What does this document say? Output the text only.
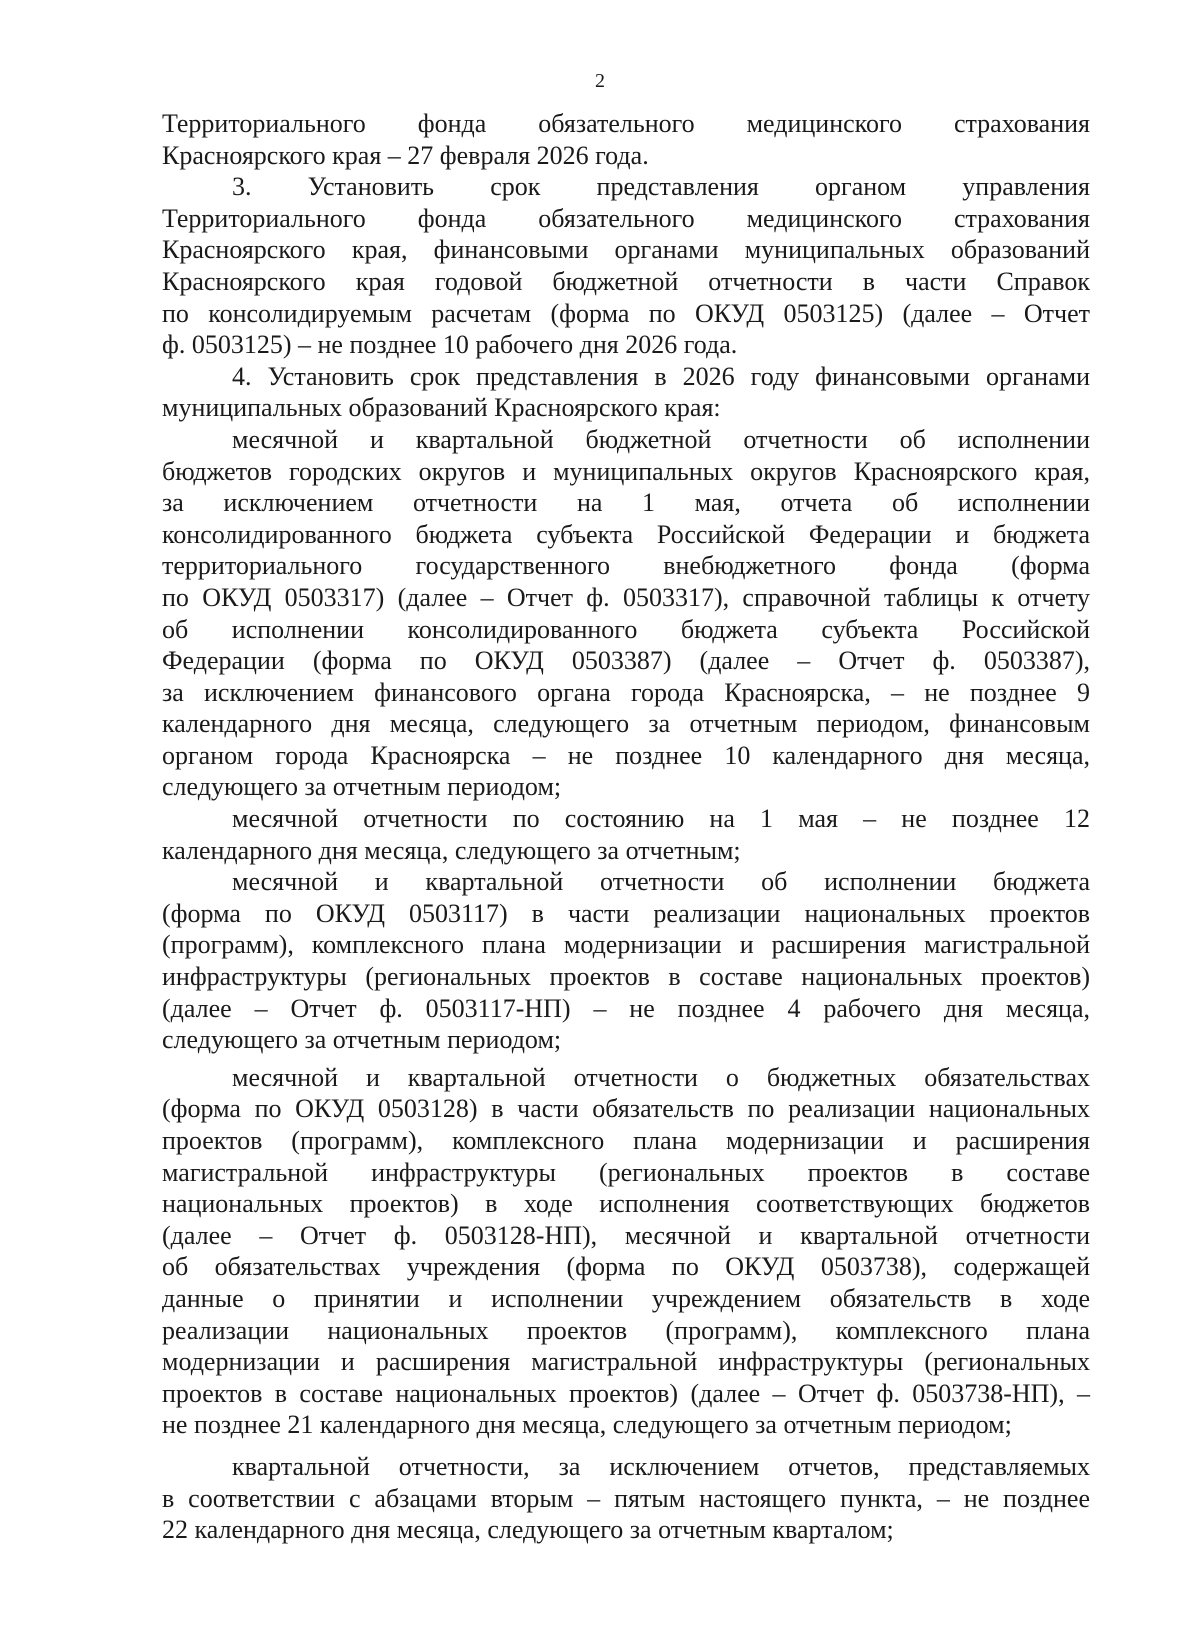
2
Территориального фонда обязательного медицинского страхования
Красноярского края – 27 февраля 2026 года.
3. Установить срок представления органом управления
Территориального фонда обязательного медицинского страхования
Красноярского края, финансовыми органами муниципальных образований
Красноярского края годовой бюджетной отчетности в части Справок
по консолидируемым расчетам (форма по ОКУД 0503125) (далее – Отчет
ф. 0503125) – не позднее 10 рабочего дня 2026 года.
4. Установить срок представления в 2026 году финансовыми органами
муниципальных образований Красноярского края:
месячной и квартальной бюджетной отчетности об исполнении
бюджетов городских округов и муниципальных округов Красноярского края,
за исключением отчетности на 1 мая, отчета об исполнении
консолидированного бюджета субъекта Российской Федерации и бюджета
территориального государственного внебюджетного фонда (форма
по ОКУД 0503317) (далее – Отчет ф. 0503317), справочной таблицы к отчету
об исполнении консолидированного бюджета субъекта Российской
Федерации (форма по ОКУД 0503387) (далее – Отчет ф. 0503387),
за исключением финансового органа города Красноярска, – не позднее 9
календарного дня месяца, следующего за отчетным периодом, финансовым
органом города Красноярска – не позднее 10 календарного дня месяца,
следующего за отчетным периодом;
месячной отчетности по состоянию на 1 мая – не позднее 12
календарного дня месяца, следующего за отчетным;
месячной и квартальной отчетности об исполнении бюджета
(форма по ОКУД 0503117) в части реализации национальных проектов
(программ), комплексного плана модернизации и расширения магистральной
инфраструктуры (региональных проектов в составе национальных проектов)
(далее – Отчет ф. 0503117-НП) – не позднее 4 рабочего дня месяца,
следующего за отчетным периодом;
месячной и квартальной отчетности о бюджетных обязательствах
(форма по ОКУД 0503128) в части обязательств по реализации национальных
проектов (программ), комплексного плана модернизации и расширения
магистральной инфраструктуры (региональных проектов в составе
национальных проектов) в ходе исполнения соответствующих бюджетов
(далее – Отчет ф. 0503128-НП), месячной и квартальной отчетности
об обязательствах учреждения (форма по ОКУД 0503738), содержащей
данные о принятии и исполнении учреждением обязательств в ходе
реализации национальных проектов (программ), комплексного плана
модернизации и расширения магистральной инфраструктуры (региональных
проектов в составе национальных проектов) (далее – Отчет ф. 0503738-НП), –
не позднее 21 календарного дня месяца, следующего за отчетным периодом;
квартальной отчетности, за исключением отчетов, представляемых
в соответствии с абзацами вторым – пятым настоящего пункта, – не позднее
22 календарного дня месяца, следующего за отчетным кварталом;
